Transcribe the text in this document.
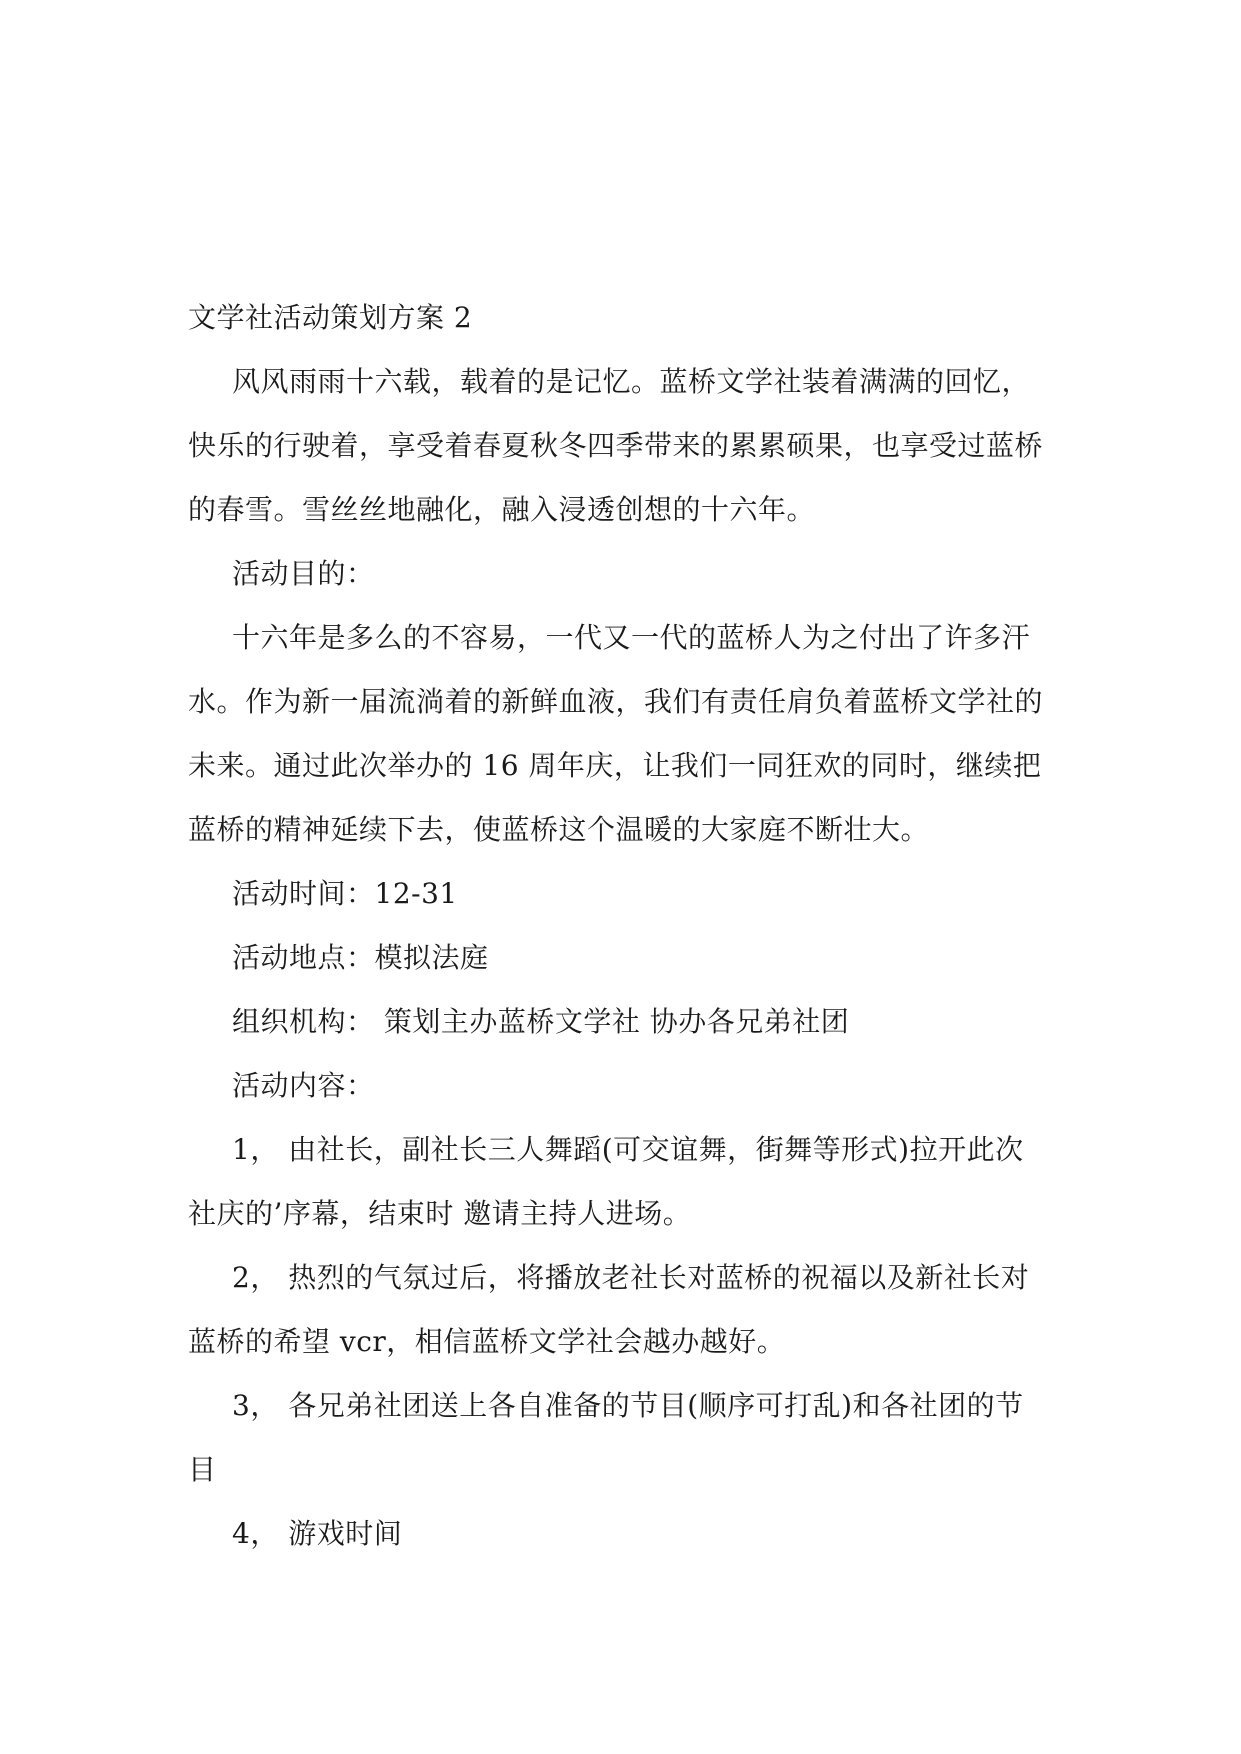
文学社活动策划方案 2

风风雨雨十六载，载着的是记忆。蓝桥文学社装着满满的回忆，

快乐的行驶着，享受着春夏秋冬四季带来的累累硕果，也享受过蓝桥

的春雪。雪丝丝地融化，融入浸透创想的十六年。

活动目的：

十六年是多么的不容易，一代又一代的蓝桥人为之付出了许多汗

水。作为新一届流淌着的新鲜血液，我们有责任肩负着蓝桥文学社的

未来。通过此次举办的 16 周年庆，让我们一同狂欢的同时，继续把

蓝桥的精神延续下去，使蓝桥这个温暖的大家庭不断壮大。

活动时间：12-31

活动地点：模拟法庭

组织机构： 策划主办蓝桥文学社 协办各兄弟社团

活动内容：

1， 由社长，副社长三人舞蹈(可交谊舞，街舞等形式)拉开此次

社庆的’序幕，结束时 邀请主持人进场。

2， 热烈的气氛过后，将播放老社长对蓝桥的祝福以及新社长对

蓝桥的希望 vcr，相信蓝桥文学社会越办越好。

3， 各兄弟社团送上各自准备的节目(顺序可打乱)和各社团的节

目

4， 游戏时间
